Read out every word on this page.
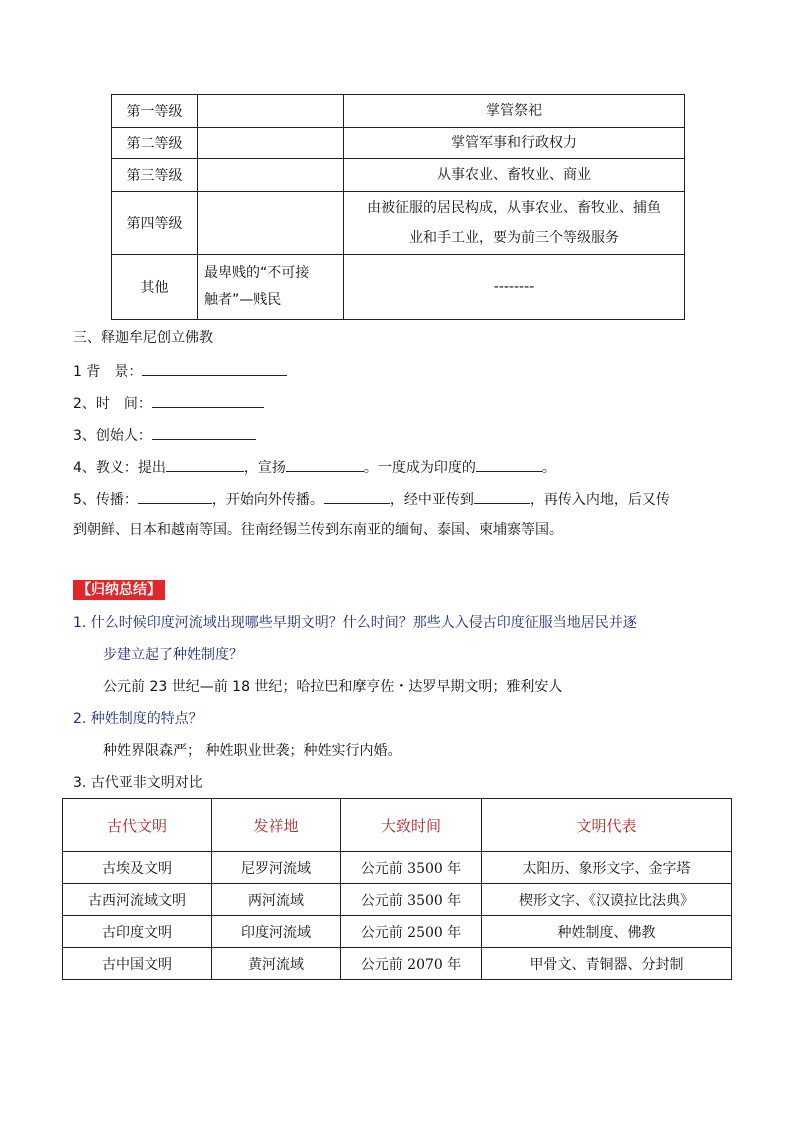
第一等级		掌管祭祀
第二等级		掌管军事和行政权力
第三等级		从事农业、畜牧业、商业
第四等级		由被征服的居民构成，从事农业、畜牧业、捕鱼
业和手工业，要为前三个等级服务

其他	最卑贱的“不可接
触者”—贱民	--------
三、释迦牟尼创立佛教
1 背　景：
2、时　间：
3、创始人：
4、教义：提出	，宣扬	。一度成为印度的	。
5、传播：	，开始向外传播。	，经中亚传到	，再传入内地，后又传
到朝鲜、日本和越南等国。往南经锡兰传到东南亚的缅甸、泰国、柬埔寨等国。
【归纳总结】
1. 什么时候印度河流域出现哪些早期文明？什么时间？那些人入侵古印度征服当地居民并逐
步建立起了种姓制度？
公元前 23 世纪—前 18 世纪；哈拉巴和摩亨佐・达罗早期文明；雅利安人
2. 种姓制度的特点？
种姓界限森严； 种姓职业世袭；种姓实行内婚。
3. 古代亚非文明对比
古代文明	发祥地	大致时间	文明代表
古埃及文明	尼罗河流域	公元前 3500 年	太阳历、象形文字、金字塔
古西河流域文明	两河流域	公元前 3500 年	楔形文字、《汉谟拉比法典》
古印度文明	印度河流域	公元前 2500 年	种姓制度、佛教
古中国文明	黄河流域	公元前 2070 年	甲骨文、青铜器、分封制
